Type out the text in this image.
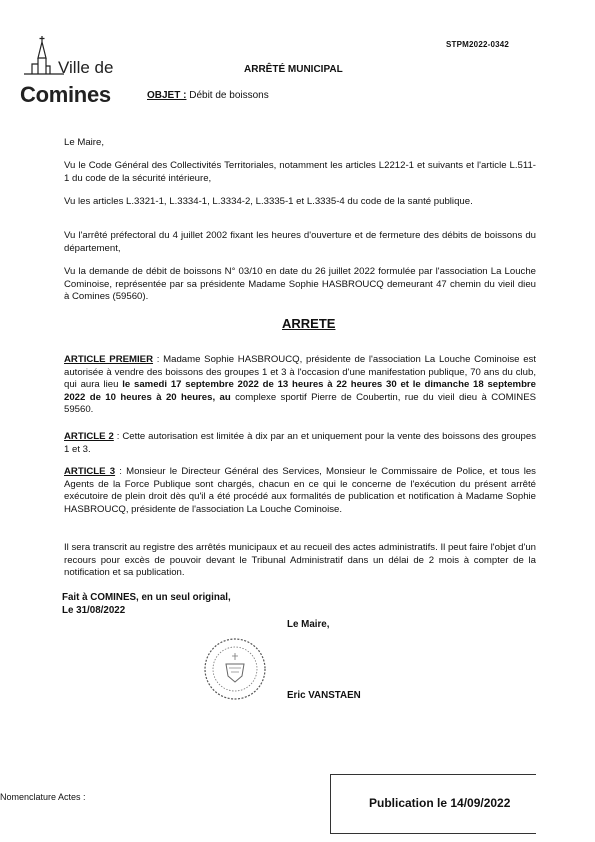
STPM2022-0342
Ville de
Comines
ARRÊTÉ MUNICIPAL
OBJET : Débit de boissons
Le Maire,
Vu le Code Général des Collectivités Territoriales, notamment les articles L2212-1 et suivants et l'article L.511-1 du code de la sécurité intérieure,
Vu les articles L.3321-1, L.3334-1, L.3334-2, L.3335-1 et L.3335-4 du code de la santé publique.
Vu l'arrêté préfectoral du 4 juillet 2002 fixant les heures d'ouverture et de fermeture des débits de boissons du département,
Vu la demande de débit de boissons N° 03/10 en date du 26 juillet 2022 formulée par l'association La Louche Cominoise, représentée par sa présidente Madame Sophie HASBROUCQ demeurant 47 chemin du vieil dieu à Comines (59560).
ARRETE
ARTICLE PREMIER : Madame Sophie HASBROUCQ, présidente de l'association La Louche Cominoise est autorisée à vendre des boissons des groupes 1 et 3 à l'occasion d'une manifestation publique, 70 ans du club, qui aura lieu le samedi 17 septembre 2022 de 13 heures à 22 heures 30 et le dimanche 18 septembre 2022 de 10 heures à 20 heures, au complexe sportif Pierre de Coubertin, rue du vieil dieu à COMINES 59560.
ARTICLE 2 : Cette autorisation est limitée à dix par an et uniquement pour la vente des boissons des groupes 1 et 3.
ARTICLE 3 : Monsieur le Directeur Général des Services, Monsieur le Commissaire de Police, et tous les Agents de la Force Publique sont chargés, chacun en ce qui le concerne de l'exécution du présent arrêté exécutoire de plein droit dès qu'il a été procédé aux formalités de publication et notification à Madame Sophie HASBROUCQ, présidente de l'association La Louche Cominoise.
Il sera transcrit au registre des arrêtés municipaux et au recueil des actes administratifs. Il peut faire l'objet d'un recours pour excès de pouvoir devant le Tribunal Administratif dans un délai de 2 mois à compter de la notification et sa publication.
Fait à COMINES, en un seul original,
Le 31/08/2022
Le Maire,
Eric VANSTAEN
Nomenclature Actes :	Publication le 14/09/2022
